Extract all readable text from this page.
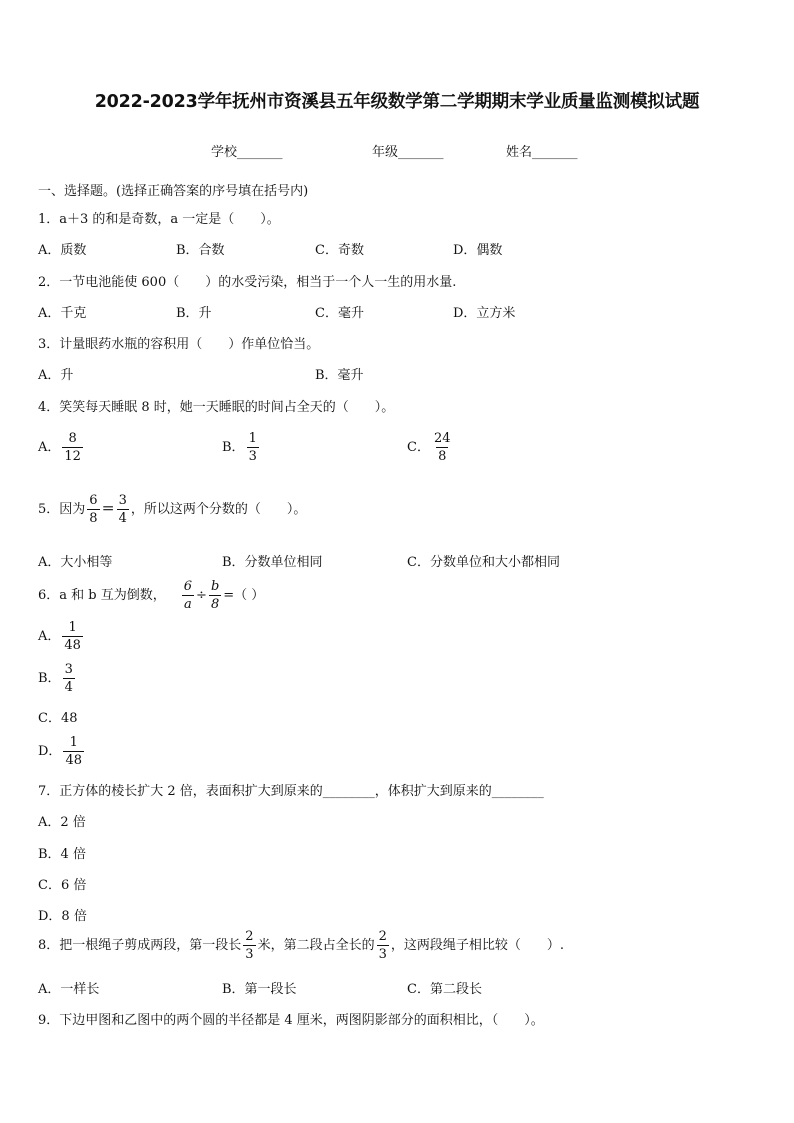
2022-2023学年抚州市资溪县五年级数学第二学期期末学业质量监测模拟试题
学校_______	年级_______	姓名_______
一、选择题。(选择正确答案的序号填在括号内)
1．a＋3 的和是奇数，a 一定是（　　）。
A．质数	B．合数	C．奇数	D．偶数
2．一节电池能使 600（　　）的水受污染，相当于一个人一生的用水量.
A．千克	B．升	C．毫升	D．立方米
3．计量眼药水瓶的容积用（　　）作单位恰当。
A．升	B．毫升
4．笑笑每天睡眠 8 时，她一天睡眠的时间占全天的（　　）。
A． $\frac{8}{12}$	B． $\frac{1}{3}$	C． $\frac{24}{8}$
5．因为 $\frac{6}{8} = \frac{3}{4}$ ，所以这两个分数的（　　）。
A．大小相等	B．分数单位相同	C．分数单位和大小都相同
6．a 和 b 互为倒数， $\frac{6}{a} \div \frac{b}{8}$ =（ ）
A． $\frac{1}{48}$
B． $\frac{3}{4}$
C．48
D． $\frac{1}{48}$
7．正方体的棱长扩大 2 倍，表面积扩大到原来的________，体积扩大到原来的________
A．2 倍
B．4 倍
C．6 倍
D．8 倍
8．把一根绳子剪成两段，第一段长 $\frac{2}{3}$ 米，第二段占全长的 $\frac{2}{3}$ ，这两段绳子相比较（　　）.
A．一样长	B．第一段长	C．第二段长
9．下边甲图和乙图中的两个圆的半径都是 4 厘米，两图阴影部分的面积相比，（　　）。
